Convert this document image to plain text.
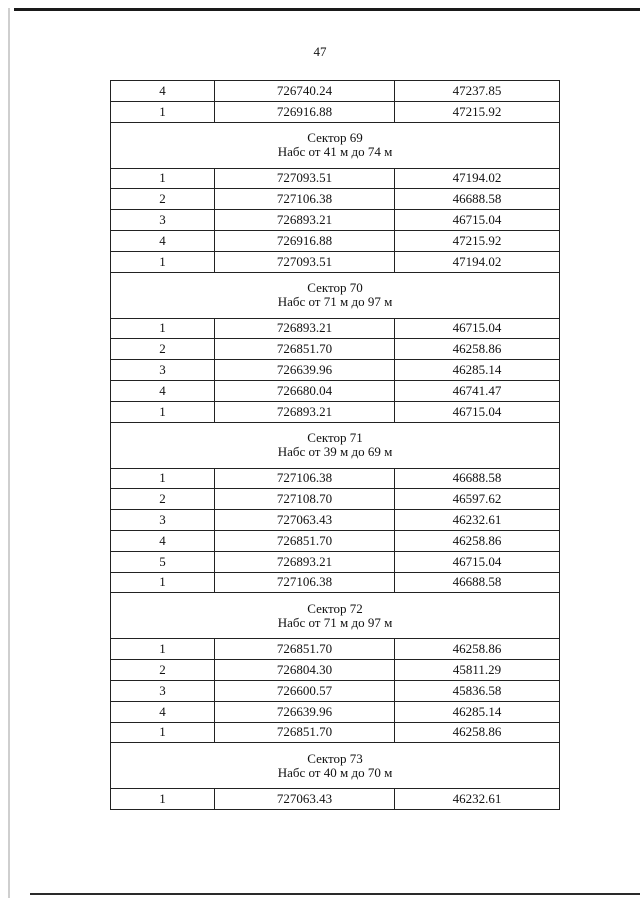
47
4	726740.24	47237.85
1	726916.88	47215.92

Сектор 69
Набс от 41 м до 74 м		

1	727093.51	47194.02
2	727106.38	46688.58
3	726893.21	46715.04
4	726916.88	47215.92
1	727093.51	47194.02

Сектор 70
Набс от 71 м до 97 м		

1	726893.21	46715.04
2	726851.70	46258.86
3	726639.96	46285.14
4	726680.04	46741.47
1	726893.21	46715.04

Сектор 71
Набс от 39 м до 69 м		

1	727106.38	46688.58
2	727108.70	46597.62
3	727063.43	46232.61
4	726851.70	46258.86
5	726893.21	46715.04
1	727106.38	46688.58

Сектор 72
Набс от 71 м до 97 м		

1	726851.70	46258.86
2	726804.30	45811.29
3	726600.57	45836.58
4	726639.96	46285.14
1	726851.70	46258.86

Сектор 73
Набс от 40 м до 70 м		

1	727063.43	46232.61
